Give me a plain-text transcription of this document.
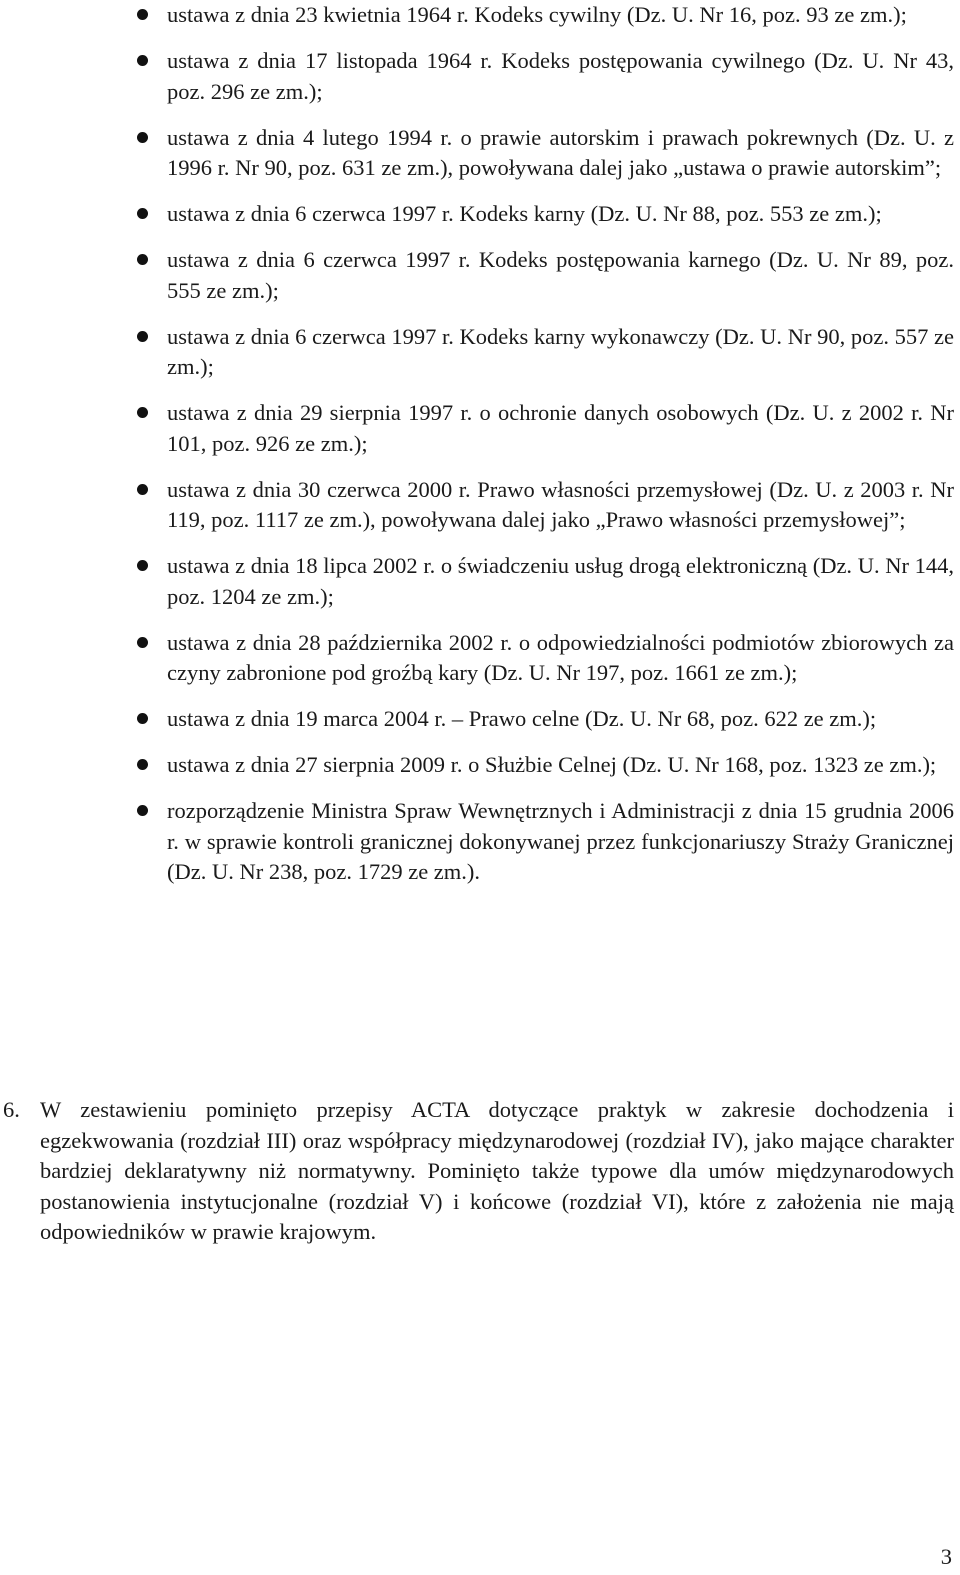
ustawa z dnia 23 kwietnia 1964 r. Kodeks cywilny (Dz. U. Nr 16, poz. 93 ze zm.);
ustawa z dnia 17 listopada 1964 r. Kodeks postępowania cywilnego (Dz. U. Nr 43, poz. 296 ze zm.);
ustawa z dnia 4 lutego 1994 r. o prawie autorskim i prawach pokrewnych (Dz. U. z 1996 r. Nr 90, poz. 631 ze zm.), powoływana dalej jako „ustawa o prawie autorskim”;
ustawa z dnia 6 czerwca 1997 r. Kodeks karny (Dz. U. Nr 88, poz. 553 ze zm.);
ustawa z dnia 6 czerwca 1997 r. Kodeks postępowania karnego (Dz. U. Nr 89, poz. 555 ze zm.);
ustawa z dnia 6 czerwca 1997 r. Kodeks karny wykonawczy (Dz. U. Nr 90, poz. 557 ze zm.);
ustawa z dnia 29 sierpnia 1997 r. o ochronie danych osobowych (Dz. U. z 2002 r. Nr 101, poz. 926 ze zm.);
ustawa z dnia 30 czerwca 2000 r. Prawo własności przemysłowej (Dz. U. z 2003 r. Nr 119, poz. 1117 ze zm.), powoływana dalej jako „Prawo własności przemysłowej”;
ustawa z dnia 18 lipca 2002 r. o świadczeniu usług drogą elektroniczną (Dz. U. Nr 144, poz. 1204 ze zm.);
ustawa z dnia 28 października 2002 r. o odpowiedzialności podmiotów zbiorowych za czyny zabronione pod groźbą kary (Dz. U. Nr 197, poz. 1661 ze zm.);
ustawa z dnia 19 marca 2004 r. – Prawo celne (Dz. U. Nr 68, poz. 622 ze zm.);
ustawa z dnia 27 sierpnia 2009 r. o Służbie Celnej (Dz. U. Nr 168, poz. 1323 ze zm.);
rozporządzenie Ministra Spraw Wewnętrznych i Administracji z dnia 15 grudnia 2006 r. w sprawie kontroli granicznej dokonywanej przez funkcjonariuszy Straży Granicznej (Dz. U. Nr 238, poz. 1729 ze zm.).
6. W zestawieniu pominięto przepisy ACTA dotyczące praktyk w zakresie dochodzenia i egzekwowania (rozdział III) oraz współpracy międzynarodowej (rozdział IV), jako mające charakter bardziej deklaratywny niż normatywny. Pominięto także typowe dla umów międzynarodowych postanowienia instytucjonalne (rozdział V) i końcowe (rozdział VI), które z założenia nie mają odpowiedników w prawie krajowym.
3
